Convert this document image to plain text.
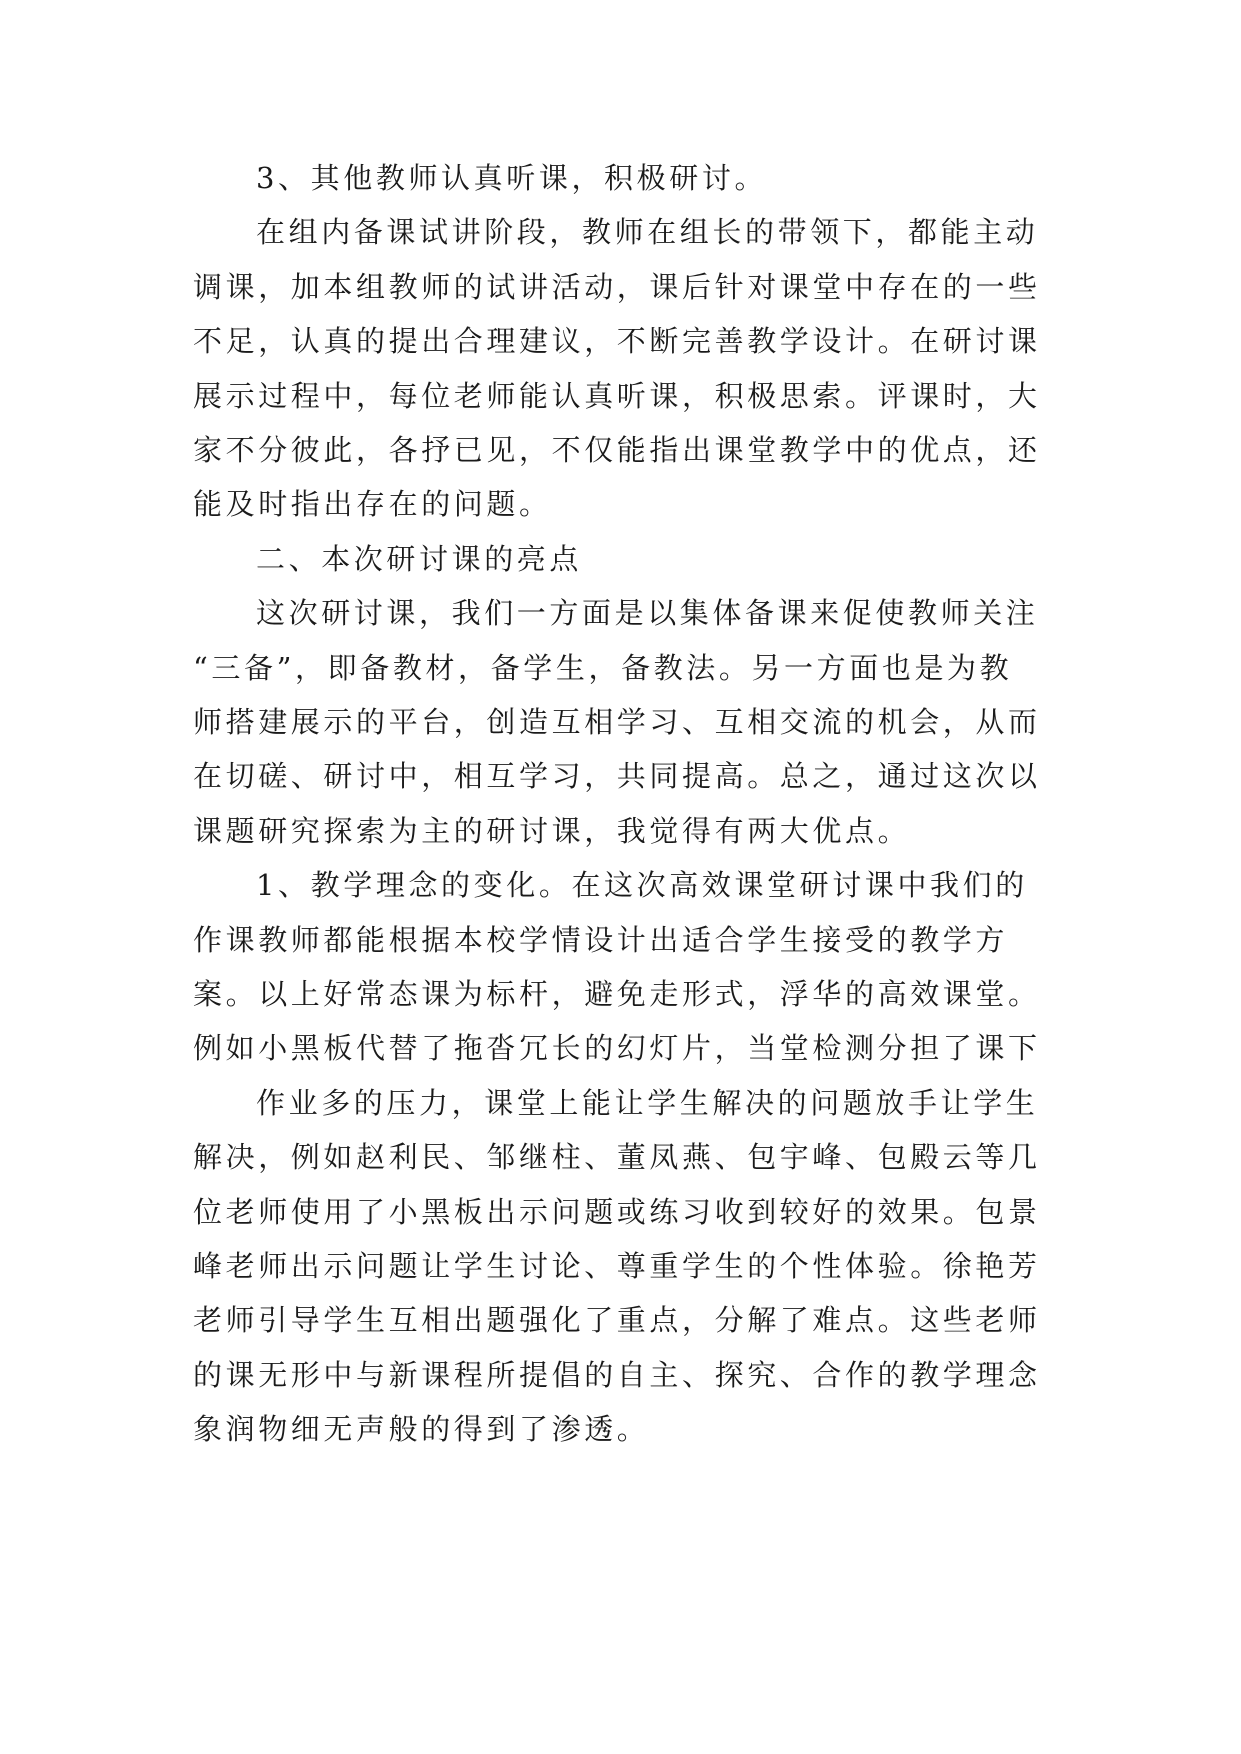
3、其他教师认真听课，积极研讨。
在组内备课试讲阶段，教师在组长的带领下，都能主动
调课，加本组教师的试讲活动，课后针对课堂中存在的一些
不足，认真的提出合理建议，不断完善教学设计。在研讨课
展示过程中，每位老师能认真听课，积极思索。评课时，大
家不分彼此，各抒已见，不仅能指出课堂教学中的优点，还
能及时指出存在的问题。
二、本次研讨课的亮点
这次研讨课，我们一方面是以集体备课来促使教师关注
“三备”，即备教材，备学生，备教法。另一方面也是为教
师搭建展示的平台，创造互相学习、互相交流的机会，从而
在切磋、研讨中，相互学习，共同提高。总之，通过这次以
课题研究探索为主的研讨课，我觉得有两大优点。
1、教学理念的变化。在这次高效课堂研讨课中我们的
作课教师都能根据本校学情设计出适合学生接受的教学方
案。以上好常态课为标杆，避免走形式，浮华的高效课堂。
例如小黑板代替了拖沓冗长的幻灯片，当堂检测分担了课下
作业多的压力，课堂上能让学生解决的问题放手让学生
解决，例如赵利民、邹继柱、董凤燕、包宇峰、包殿云等几
位老师使用了小黑板出示问题或练习收到较好的效果。包景
峰老师出示问题让学生讨论、尊重学生的个性体验。徐艳芳
老师引导学生互相出题强化了重点，分解了难点。这些老师
的课无形中与新课程所提倡的自主、探究、合作的教学理念
象润物细无声般的得到了渗透。
